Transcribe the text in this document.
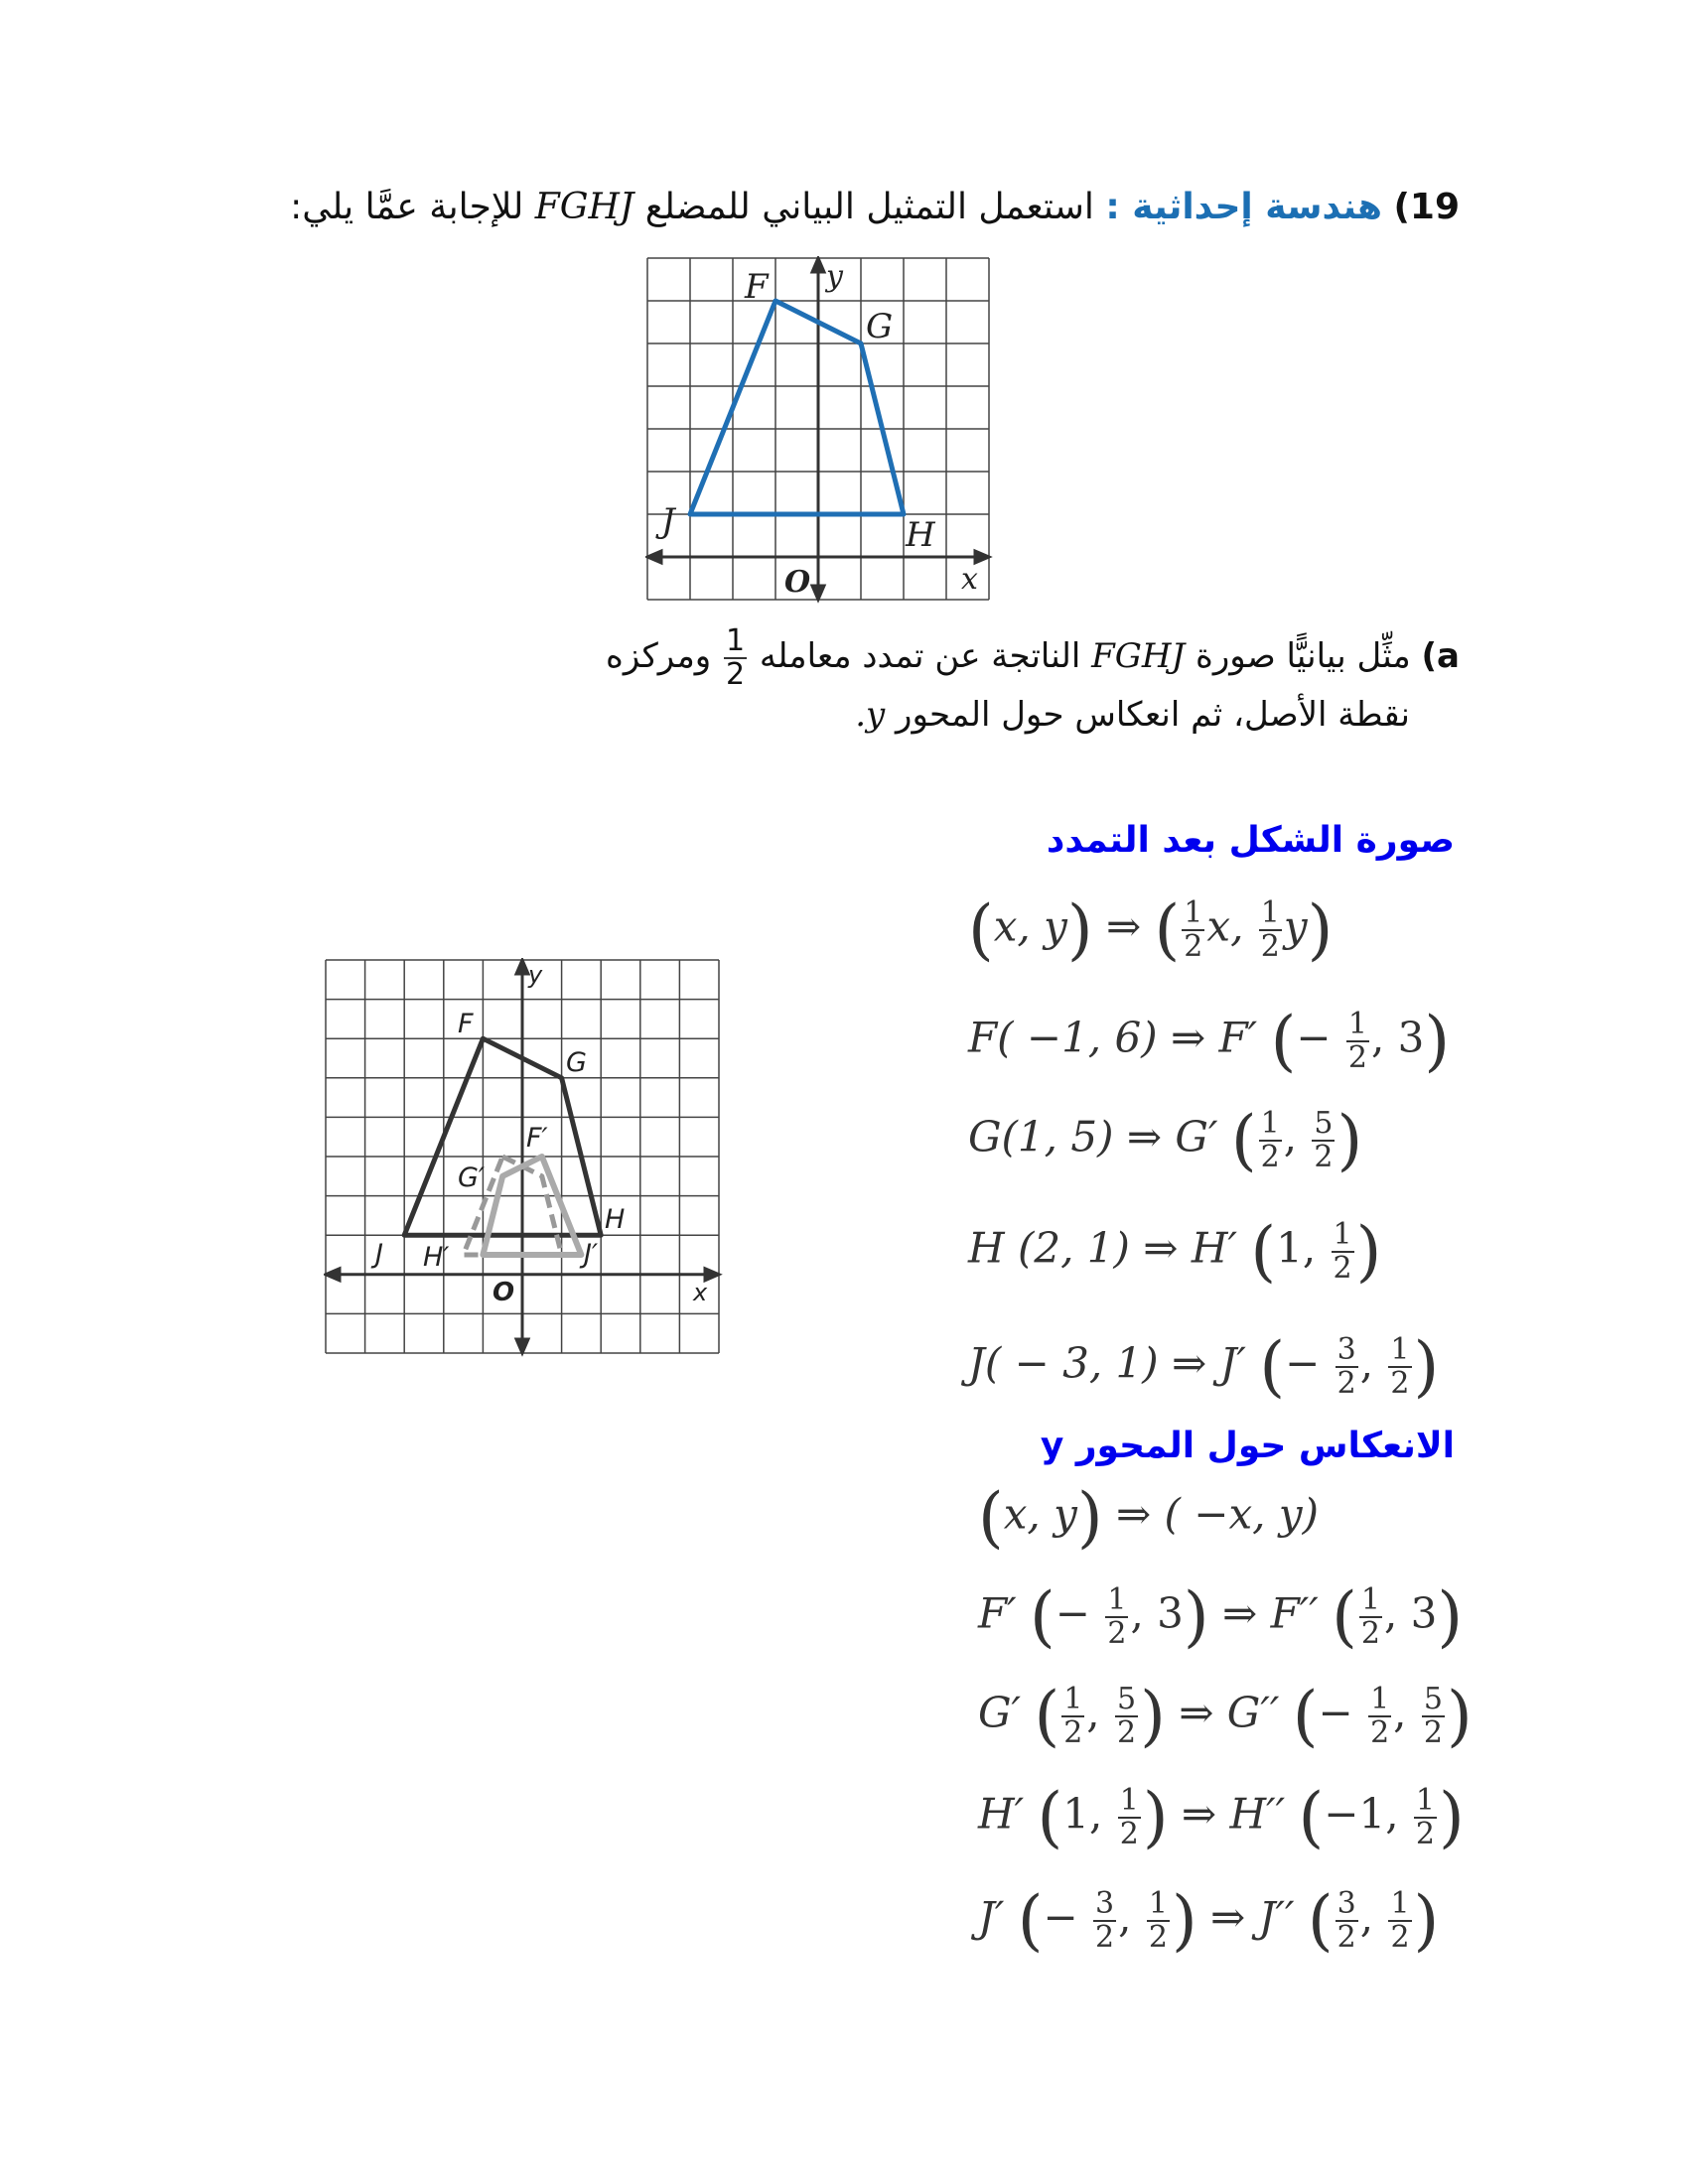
19) هندسة إحداثية : استعمل التمثيل البياني للمضلع FGHJ للإجابة عمَّا يلي:
F
G
H
J
y
x
O
a) مثِّل بيانيًّا صورة FGHJ الناتجة عن تمدد معامله
$\frac{1}{2}$
ومركزه
نقطة الأصل، ثم انعكاس حول المحور y.
صورة الشكل بعد التمدد
F
G
H
J
F′
G′
H′	J′
y
x
O
(x, y) ⇒ ( $\frac{1}{2} x$, $\frac{1}{2} y$)
F( −1, 6) ⇒ F′ (− $\frac{1}{2}$ , 3)
G(1, 5) ⇒ G′ ( $\frac{1}{2}$ , $\frac{5}{2}$ )
H (2, 1) ⇒ H′ (1, $\frac{1}{2}$ )
J( − 3, 1) ⇒ J′ (− $\frac{3}{2}$ , $\frac{1}{2}$ )
الانعكاس حول المحور y
(x, y) ⇒ ( −x, y)
F′ (− $\frac{1}{2}$ , 3) ⇒ F′′ ( $\frac{1}{2}$ , 3)
G′ ( $\frac{1}{2}$ , $\frac{5}{2}$ ) ⇒ G′′ (− $\frac{1}{2}$ , $\frac{5}{2}$ )
H′ (1, $\frac{1}{2}$ ) ⇒ H′′ (−1, $\frac{1}{2}$ )
J′ (− $\frac{3}{2}$ , $\frac{1}{2}$ ) ⇒ J′′ ( $\frac{3}{2}$ , $\frac{1}{2}$ )
